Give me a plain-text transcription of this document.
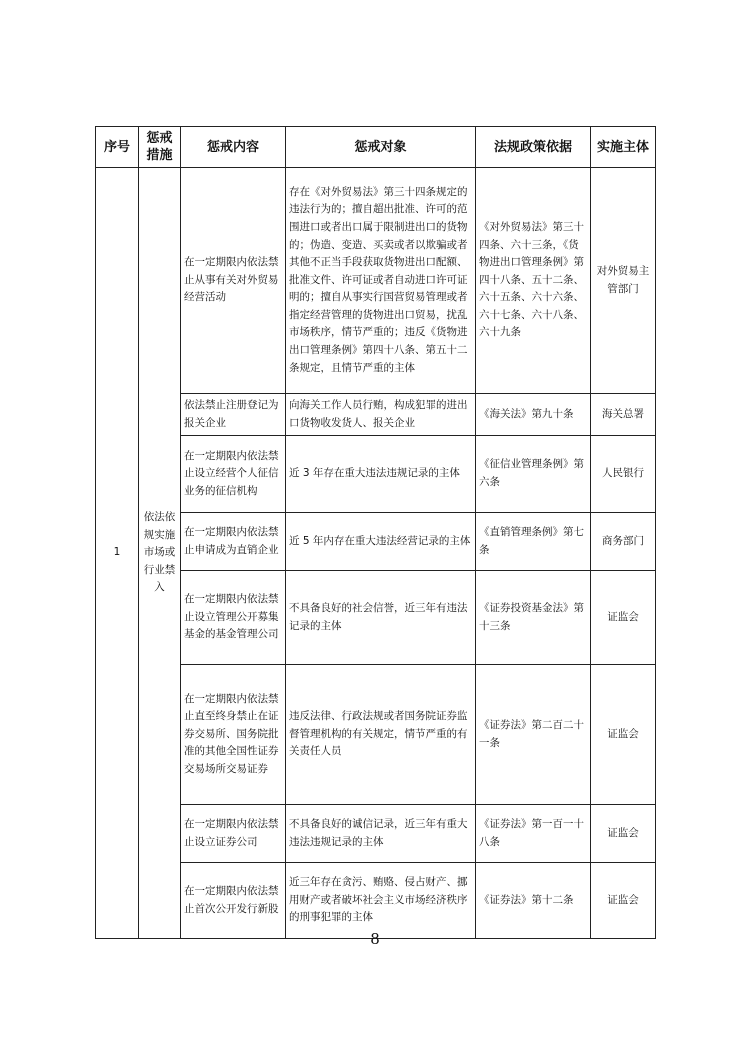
序号	惩戒措施	惩戒内容	惩戒对象	法规政策依据	实施主体
1	依法依规实施市场或行业禁入	在一定期限内依法禁止从事有关对外贸易经营活动	存在《对外贸易法》第三十四条规定的违法行为的；擅自超出批准、许可的范围进口或者出口属于限制进出口的货物的；伪造、变造、买卖或者以欺骗或者其他不正当手段获取货物进出口配额、批准文件、许可证或者自动进口许可证明的；擅自从事实行国营贸易管理或者指定经营管理的货物进出口贸易，扰乱市场秩序，情节严重的；违反《货物进出口管理条例》第四十八条、第五十二条规定，且情节严重的主体	《对外贸易法》第三十四条、六十三条，《货物进出口管理条例》第四十八条、五十二条、六十五条、六十六条、六十七条、六十八条、六十九条	对外贸易主管部门
		依法禁止注册登记为报关企业	向海关工作人员行贿，构成犯罪的进出口货物收发货人、报关企业	《海关法》第九十条	海关总署
		在一定期限内依法禁止设立经营个人征信业务的征信机构	近 3 年存在重大违法违规记录的主体	《征信业管理条例》第六条	人民银行
		在一定期限内依法禁止申请成为直销企业	近 5 年内存在重大违法经营记录的主体	《直销管理条例》第七条	商务部门
		在一定期限内依法禁止设立管理公开募集基金的基金管理公司	不具备良好的社会信誉，近三年有违法记录的主体	《证券投资基金法》第十三条	证监会
		在一定期限内依法禁止直至终身禁止在证券交易所、国务院批准的其他全国性证券交易场所交易证券	违反法律、行政法规或者国务院证券监督管理机构的有关规定，情节严重的有关责任人员	《证券法》第二百二十一条	证监会
		在一定期限内依法禁止设立证券公司	不具备良好的诚信记录，近三年有重大违法违规记录的主体	《证券法》第一百一十八条	证监会
		在一定期限内依法禁止首次公开发行新股	近三年存在贪污、贿赂、侵占财产、挪用财产或者破坏社会主义市场经济秩序的刑事犯罪的主体	《证券法》第十二条	证监会
8
